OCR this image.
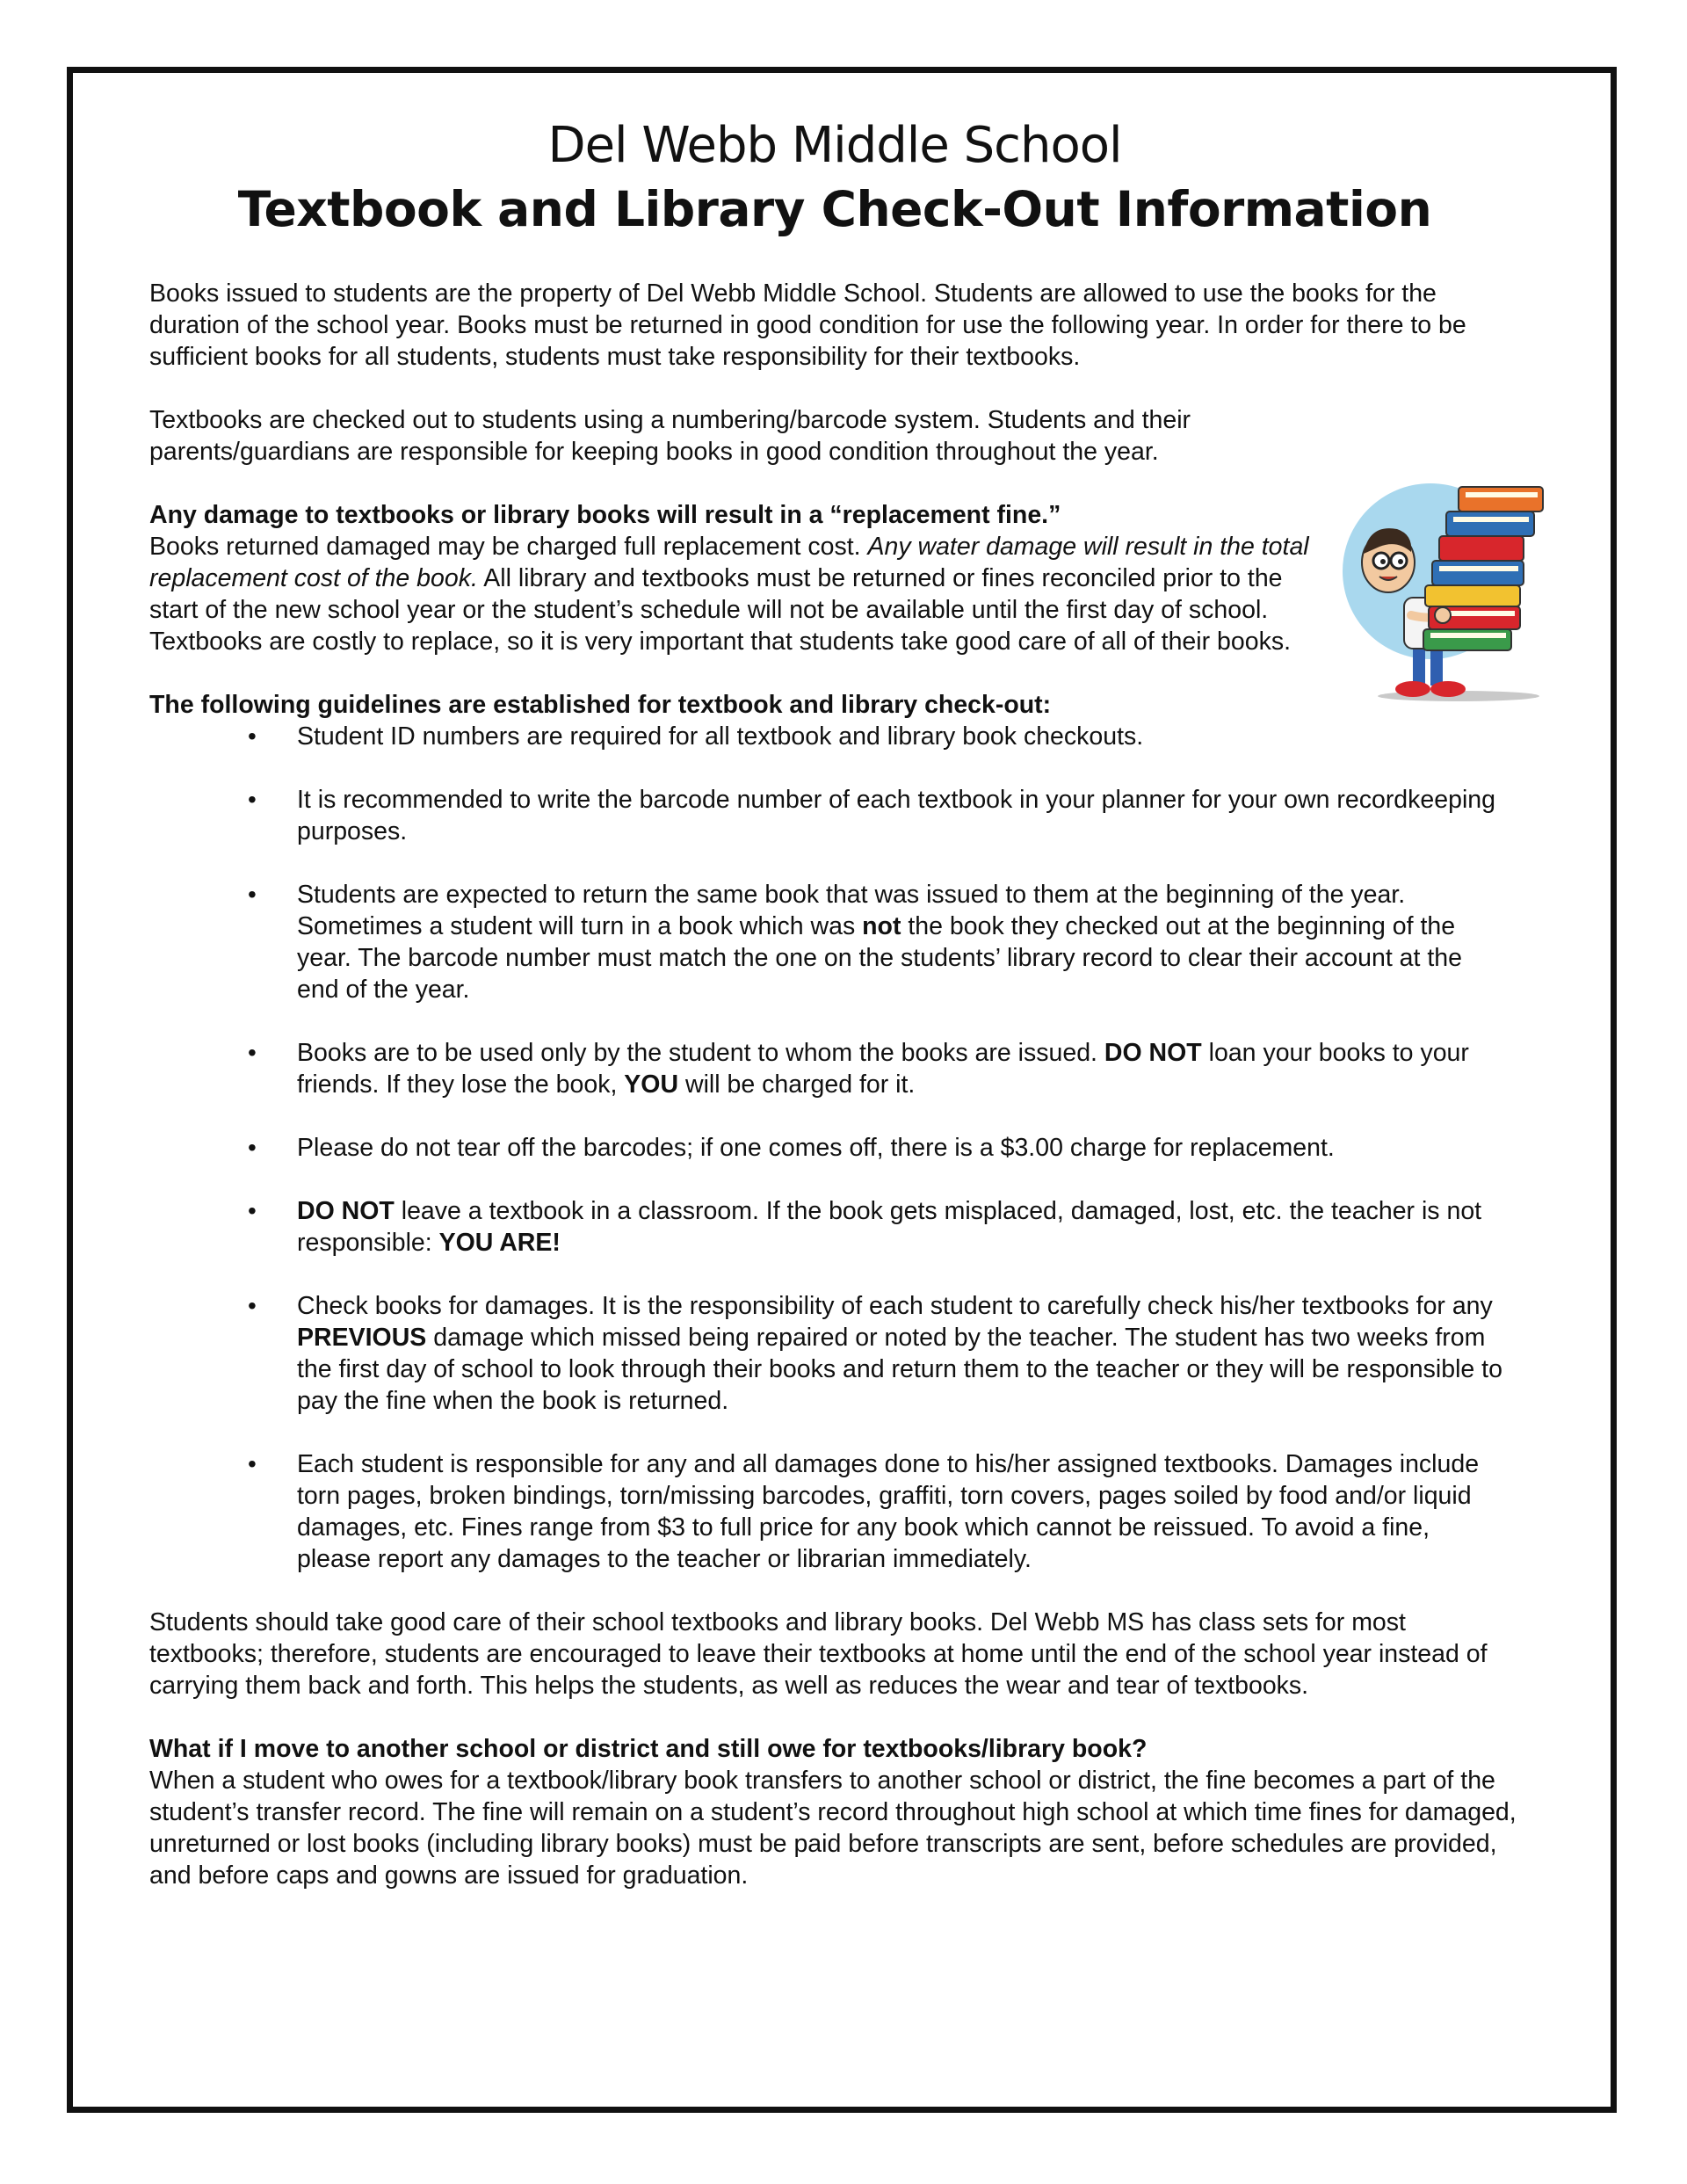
Del Webb Middle School
Textbook and Library Check-Out Information

Books issued to students are the property of Del Webb Middle School. Students are allowed to use the books for the duration of the school year. Books must be returned in good condition for use the following year. In order for there to be sufficient books for all students, students must take responsibility for their textbooks.

Textbooks are checked out to students using a numbering/barcode system. Students and their parents/guardians are responsible for keeping books in good condition throughout the year.

Any damage to textbooks or library books will result in a “replacement fine.”

Books returned damaged may be charged full replacement cost. Any water damage will result in the total replacement cost of the book. All library and textbooks must be returned or fines reconciled prior to the start of the new school year or the student’s schedule will not be available until the first day of school. Textbooks are costly to replace, so it is very important that students take good care of all of their books.

The following guidelines are established for textbook and library check-out:
• Student ID numbers are required for all textbook and library book checkouts.
• It is recommended to write the barcode number of each textbook in your planner for your own recordkeeping purposes.
• Students are expected to return the same book that was issued to them at the beginning of the year. Sometimes a student will turn in a book which was not the book they checked out at the beginning of the year. The barcode number must match the one on the students’ library record to clear their account at the end of the year.
• Books are to be used only by the student to whom the books are issued. DO NOT loan your books to your friends. If they lose the book, YOU will be charged for it.
• Please do not tear off the barcodes; if one comes off, there is a $3.00 charge for replacement.
• DO NOT leave a textbook in a classroom. If the book gets misplaced, damaged, lost, etc. the teacher is not responsible: YOU ARE!
• Check books for damages. It is the responsibility of each student to carefully check his/her textbooks for any PREVIOUS damage which missed being repaired or noted by the teacher. The student has two weeks from the first day of school to look through their books and return them to the teacher or they will be responsible to pay the fine when the book is returned.
• Each student is responsible for any and all damages done to his/her assigned textbooks. Damages include torn pages, broken bindings, torn/missing barcodes, graffiti, torn covers, pages soiled by food and/or liquid damages, etc. Fines range from $3 to full price for any book which cannot be reissued. To avoid a fine, please report any damages to the teacher or librarian immediately.

Students should take good care of their school textbooks and library books. Del Webb MS has class sets for most textbooks; therefore, students are encouraged to leave their textbooks at home until the end of the school year instead of carrying them back and forth. This helps the students, as well as reduces the wear and tear of textbooks.

What if I move to another school or district and still owe for textbooks/library book?

When a student who owes for a textbook/library book transfers to another school or district, the fine becomes a part of the student’s transfer record. The fine will remain on a student’s record throughout high school at which time fines for damaged, unreturned or lost books (including library books) must be paid before transcripts are sent, before schedules are provided, and before caps and gowns are issued for graduation.
